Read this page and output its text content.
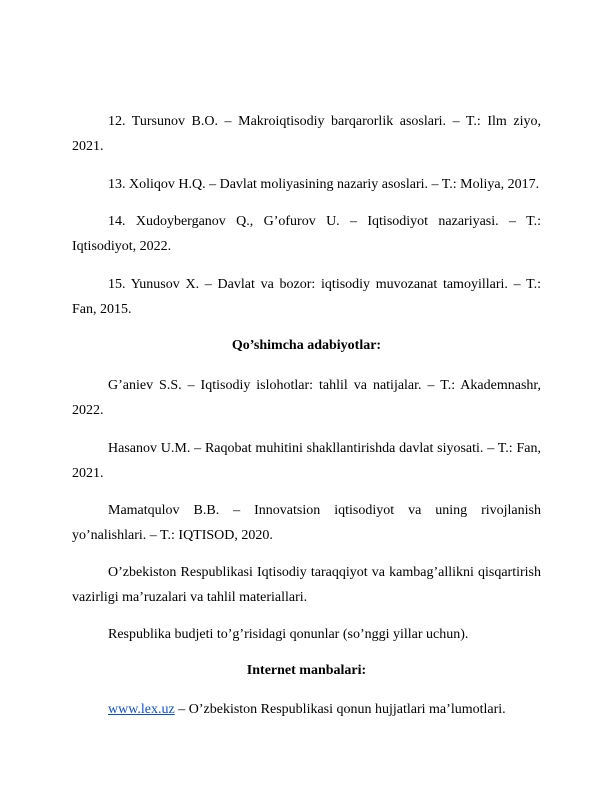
12. Tursunov B.O. – Makroiqtisodiy barqarorlik asoslari. – T.: Ilm ziyo, 2021.

13. Xoliqov H.Q. – Davlat moliyasining nazariy asoslari. – T.: Moliya, 2017.

14. Xudoyberganov Q., G’ofurov U. – Iqtisodiyot nazariyasi. – T.: Iqtisodiyot, 2022.

15. Yunusov X. – Davlat va bozor: iqtisodiy muvozanat tamoyillari. – T.: Fan, 2015.

Qo’shimcha adabiyotlar:

G’aniev S.S. – Iqtisodiy islohotlar: tahlil va natijalar. – T.: Akademnashr, 2022.

Hasanov U.M. – Raqobat muhitini shakllantirishda davlat siyosati. – T.: Fan, 2021.

Mamatqulov B.B. – Innovatsion iqtisodiyot va uning rivojlanish yo’nalishlari. – T.: IQTISOD, 2020.

O’zbekiston Respublikasi Iqtisodiy taraqqiyot va kambag’allikni qisqartirish vazirligi ma’ruzalari va tahlil materiallari.

Respublika budjeti to’g’risidagi qonunlar (so’nggi yillar uchun).

Internet manbalari:

www.lex.uz – O’zbekiston Respublikasi qonun hujjatlari ma’lumotlari.
